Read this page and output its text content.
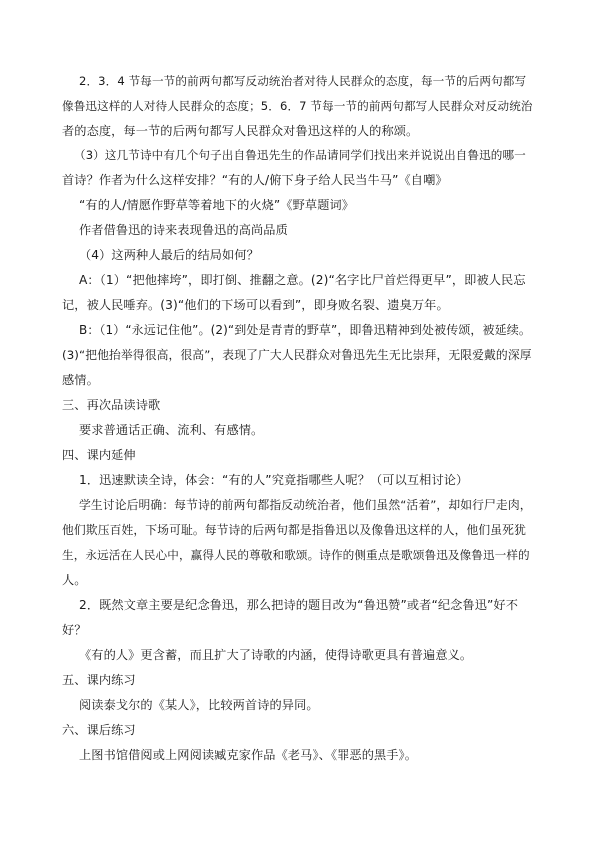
2．3．4 节每一节的前两句都写反动统治者对待人民群众的态度，每一节的后两句都写
像鲁迅这样的人对待人民群众的态度；5．6．7 节每一节的前两句都写人民群众对反动统治
者的态度，每一节的后两句都写人民群众对鲁迅这样的人的称颂。
（3）这几节诗中有几个句子出自鲁迅先生的作品请同学们找出来并说说出自鲁迅的哪一
首诗？作者为什么这样安排？“有的人/俯下身子给人民当牛马”《自嘲》
“有的人/情愿作野草等着地下的火烧”《野草题词》
作者借鲁迅的诗来表现鲁迅的高尚品质
（4）这两种人最后的结局如何？
A：（1）“把他摔垮”，即打倒、推翻之意。(2)“名字比尸首烂得更早”，即被人民忘
记，被人民唾弃。(3)“他们的下场可以看到”，即身败名裂、遗臭万年。
B：（1）“永远记住他”。(2)“到处是青青的野草”，即鲁迅精神到处被传颂，被延续。
(3)“把他抬举得很高，很高”，表现了广大人民群众对鲁迅先生无比崇拜，无限爱戴的深厚
感情。
三、再次品读诗歌
要求普通话正确、流利、有感情。
四、课内延伸
1．迅速默读全诗，体会：“有的人”究竟指哪些人呢？（可以互相讨论）
学生讨论后明确：每节诗的前两句都指反动统治者，他们虽然“活着”，却如行尸走肉，
他们欺压百姓，下场可耻。每节诗的后两句都是指鲁迅以及像鲁迅这样的人，他们虽死犹
生，永远活在人民心中，赢得人民的尊敬和歌颂。诗作的侧重点是歌颂鲁迅及像鲁迅一样的
人。
2．既然文章主要是纪念鲁迅，那么把诗的题目改为“鲁迅赞”或者“纪念鲁迅”好不
好？
《有的人》更含蓄，而且扩大了诗歌的内涵，使得诗歌更具有普遍意义。
五、课内练习
阅读泰戈尔的《某人》，比较两首诗的异同。
六、课后练习
上图书馆借阅或上网阅读臧克家作品《老马》、《罪恶的黑手》。
